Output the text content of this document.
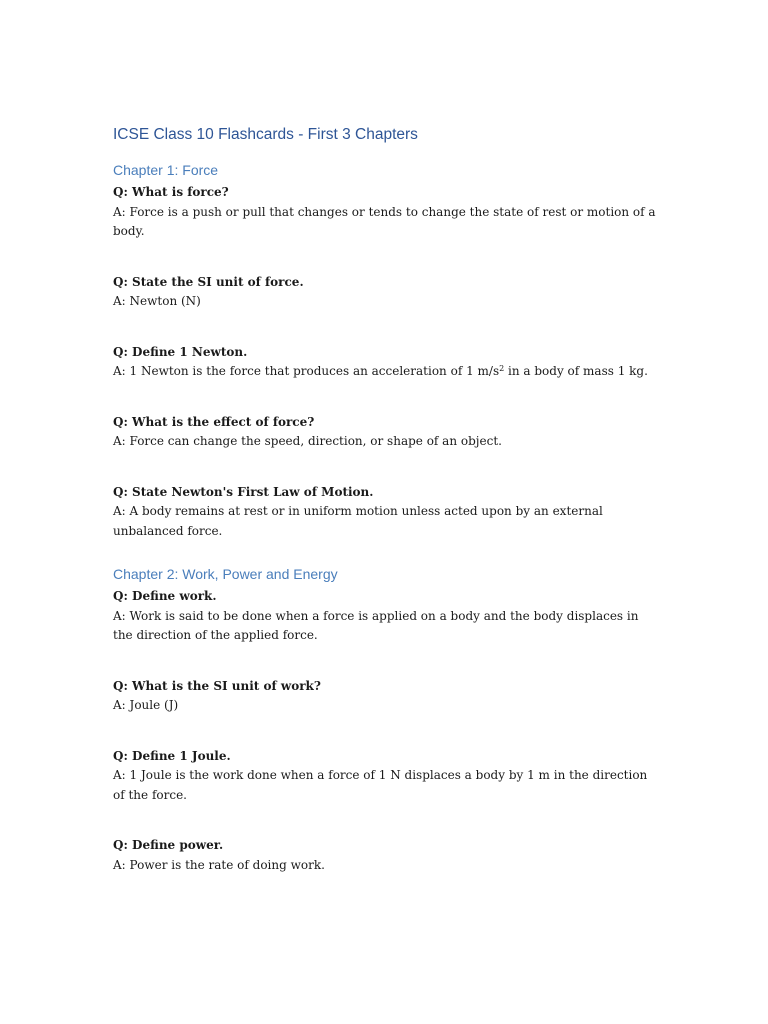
ICSE Class 10 Flashcards - First 3 Chapters
Chapter 1: Force

Q: What is force?

A: Force is a push or pull that changes or tends to change the state of rest or motion of a body.

Q: State the SI unit of force.

A: Newton (N)

Q: Define 1 Newton.

A: 1 Newton is the force that produces an acceleration of 1 $m/s^2$ in a body of mass 1 kg.

Q: What is the effect of force?

A: Force can change the speed, direction, or shape of an object.

Q: State Newton's First Law of Motion.

A: A body remains at rest or in uniform motion unless acted upon by an external unbalanced force.

Chapter 2: Work, Power and Energy

Q: Define work.

A: Work is said to be done when a force is applied on a body and the body displaces in the direction of the applied force.

Q: What is the SI unit of work?

A: Joule (J)

Q: Define 1 Joule.

A: 1 Joule is the work done when a force of 1 N displaces a body by 1 m in the direction of the force.

Q: Define power.

A: Power is the rate of doing work.
